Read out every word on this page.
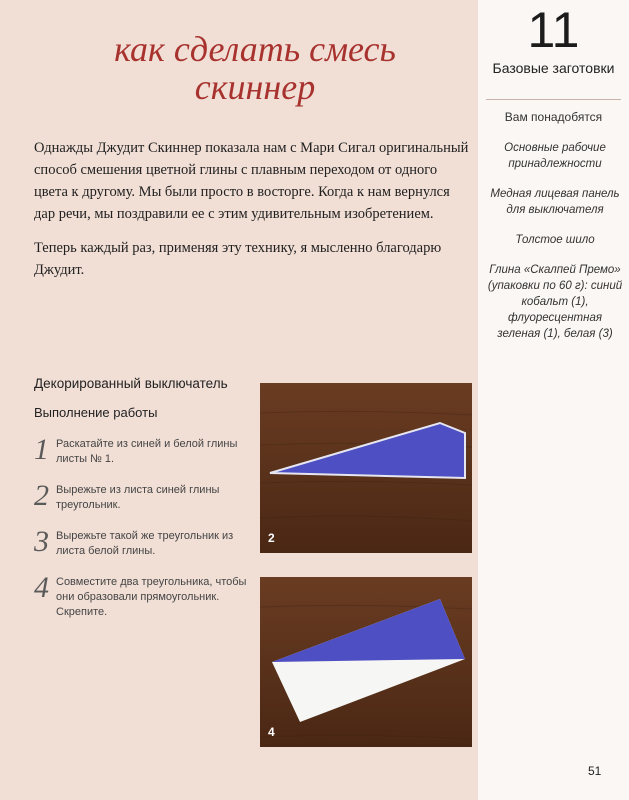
11
Базовые заготовки
Вам понадобятся
Основные рабочие принадлежности
Медная лицевая панель для выключателя
Толстое шило
Глина «Скалпей Премо» (упаковки по 60 г): синий кобальт (1), флуоресцентная зеленая (1), белая (3)
как сделать смесь скиннер

Однажды Джудит Скиннер показала нам с Мари Сигал оригинальный способ смешения цветной глины с плавным переходом от одного цвета к другому. Мы были просто в восторге. Когда к нам вернулся дар речи, мы поздравили ее с этим удивительным изобретением.

Теперь каждый раз, применяя эту технику, я мысленно благодарю Джудит.

Декорированный выключатель
Выполнение работы
1 Раскатайте из синей и белой глины листы № 1.
2 Вырежьте из листа синей глины треугольник.
3 Вырежьте такой же треугольник из листа белой глины.
4 Совместите два треугольника, чтобы они образовали прямоугольник. Скрепите.
2
4
51
